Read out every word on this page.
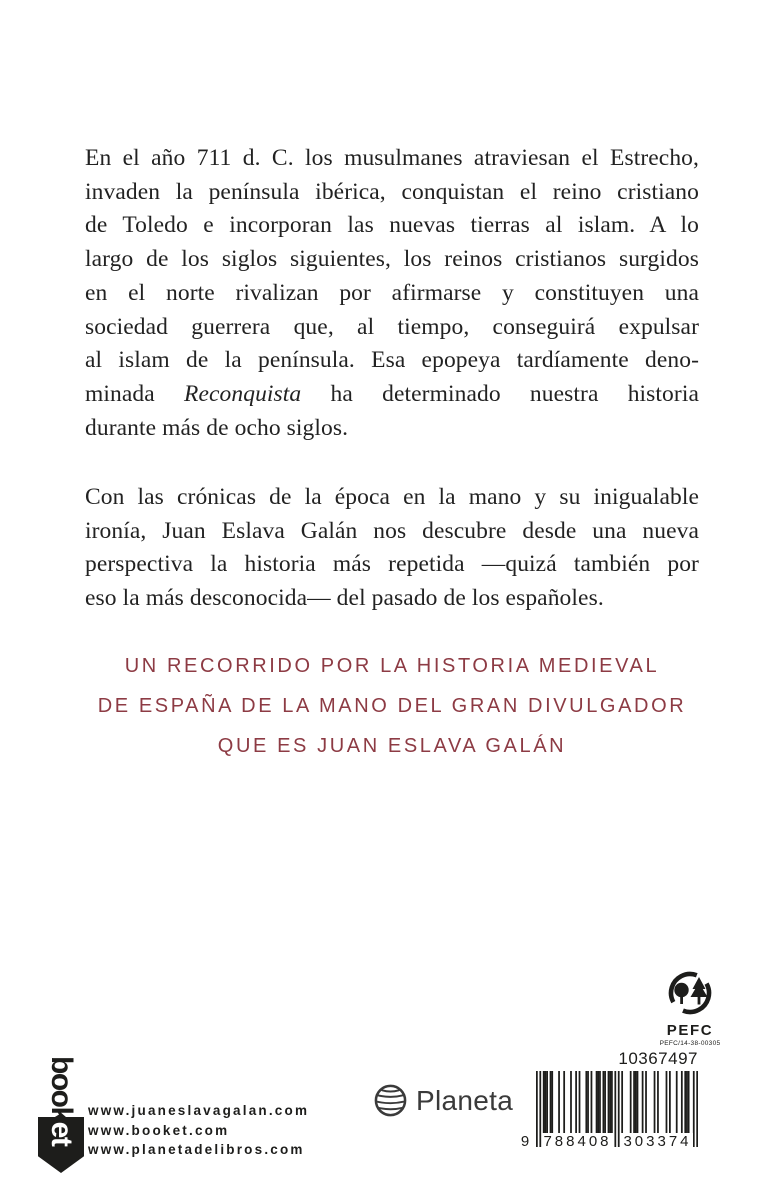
En el año 711 d. C. los musulmanes atraviesan el Estrecho,
invaden la península ibérica, conquistan el reino cristiano
de Toledo e incorporan las nuevas tierras al islam. A lo
largo de los siglos siguientes, los reinos cristianos surgidos
en el norte rivalizan por afirmarse y constituyen una
sociedad guerrera que, al tiempo, conseguirá expulsar
al islam de la península. Esa epopeya tardíamente deno-
minada Reconquista ha determinado nuestra historia
durante más de ocho siglos.
Con las crónicas de la época en la mano y su inigualable
ironía, Juan Eslava Galán nos descubre desde una nueva
perspectiva la historia más repetida —quizá también por
eso la más desconocida— del pasado de los españoles.
UN RECORRIDO POR LA HISTORIA MEDIEVAL
DE ESPAÑA DE LA MANO DEL GRAN DIVULGADOR
QUE ES JUAN ESLAVA GALÁN
booket
www.juaneslavagalan.com
www.booket.com
www.planetadelibros.com
Planeta
PEFC
PEFC/14-38-00305
10367497
9 788408 303374
